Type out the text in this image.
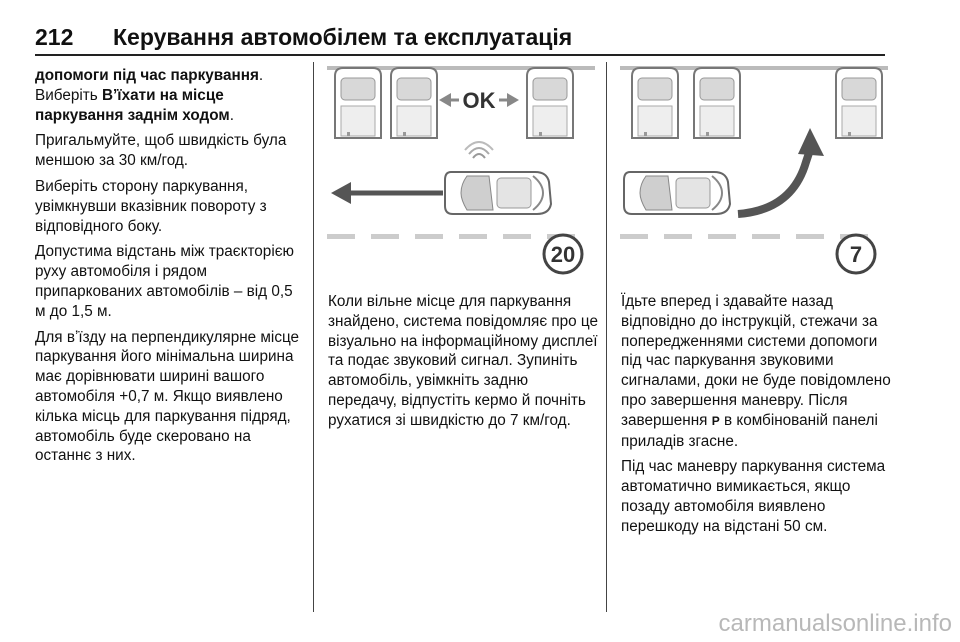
212 Керування автомобілем та експлуатація

допомоги під час паркування.
Виберіть В’їхати на місце
паркування заднім ходом.

Пригальмуйте, щоб швидкість була меншою за 30 км/год.

Виберіть сторону паркування, увімкнувши вказівник повороту з відповідного боку.

Допустима відстань між траєкторією руху автомобіля і рядом припаркованих автомобілів – від 0,5 м до 1,5 м.

Для вʼїзду на перпендикулярне місце паркування його мінімальна ширина має дорівнювати ширині вашого автомобіля +0,7 м. Якщо виявлено кілька місць для паркування підряд, автомобіль буде скеровано на останнє з них.

OK
20	7

Коли вільне місце для паркування знайдено, система повідомляє про це візуально на інформаційному дисплеї та подає звуковий сигнал. Зупиніть автомобіль, увімкніть задню передачу, відпустіть кермо й почніть рухатися зі швидкістю до 7 км/год.

Їдьте вперед і здавайте назад відповідно до інструкцій, стежачи за попередженнями системи допомоги під час паркування звуковими сигналами, доки не буде повідомлено про завершення маневру. Після завершення P в комбінованій панелі приладів згасне.

Під час маневру паркування система автоматично вимикається, якщо позаду автомобіля виявлено перешкоду на відстані 50 см.

carmanualsonline.info
